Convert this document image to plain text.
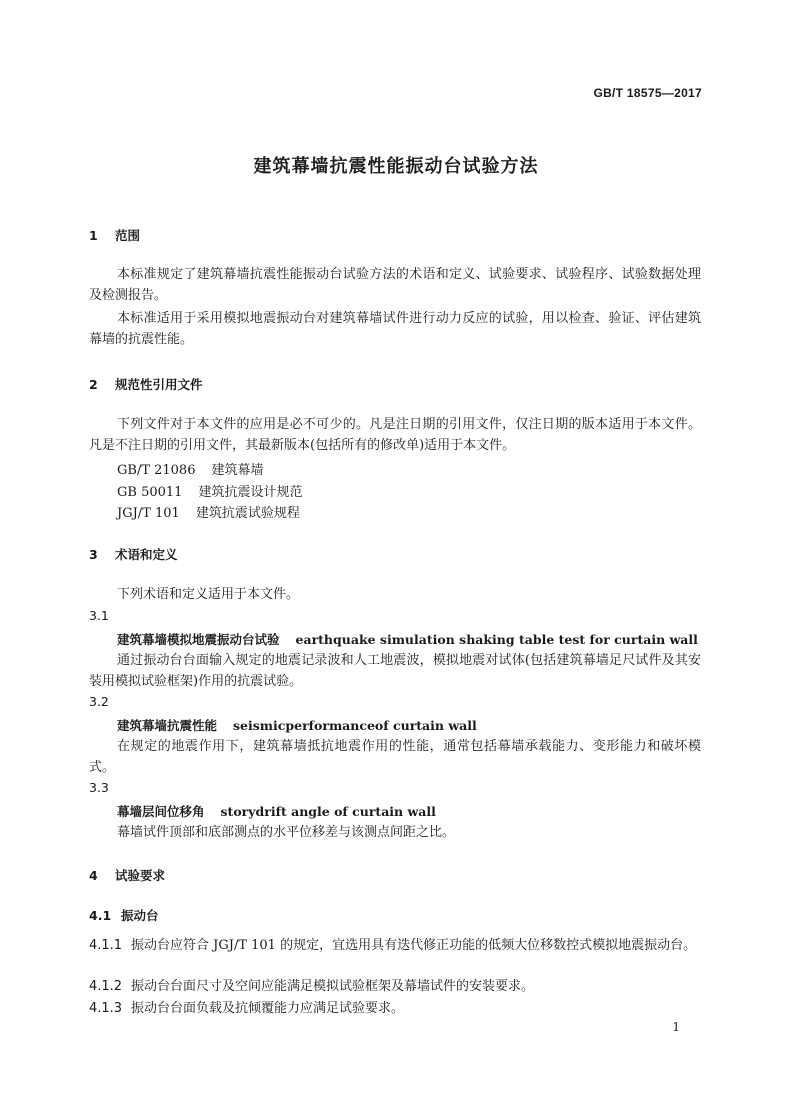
GB/T 18575—2017
建筑幕墙抗震性能振动台试验方法
1 范围
本标准规定了建筑幕墙抗震性能振动台试验方法的术语和定义、试验要求、试验程序、试验数据处理及检测报告。
本标准适用于采用模拟地震振动台对建筑幕墙试件进行动力反应的试验，用以检查、验证、评估建筑幕墙的抗震性能。
2 规范性引用文件
下列文件对于本文件的应用是必不可少的。凡是注日期的引用文件，仅注日期的版本适用于本文件。凡是不注日期的引用文件，其最新版本(包括所有的修改单)适用于本文件。
GB/T 21086 建筑幕墙
GB 50011 建筑抗震设计规范
JGJ/T 101 建筑抗震试验规程
3 术语和定义
下列术语和定义适用于本文件。
3.1
建筑幕墙模拟地震振动台试验 earthquake simulation shaking table test for curtain wall
通过振动台台面输入规定的地震记录波和人工地震波，模拟地震对试体(包括建筑幕墙足尺试件及其安装用模拟试验框架)作用的抗震试验。
3.2
建筑幕墙抗震性能 seismicperformanceof curtain wall
在规定的地震作用下，建筑幕墙抵抗地震作用的性能，通常包括幕墙承载能力、变形能力和破坏模式。
3.3
幕墙层间位移角 storydrift angle of curtain wall
幕墙试件顶部和底部测点的水平位移差与该测点间距之比。
4 试验要求
4.1 振动台
4.1.1 振动台应符合 JGJ/T 101 的规定，宜选用具有迭代修正功能的低频大位移数控式模拟地震振动台。
4.1.2 振动台台面尺寸及空间应能满足模拟试验框架及幕墙试件的安装要求。
4.1.3 振动台台面负载及抗倾覆能力应满足试验要求。
1
